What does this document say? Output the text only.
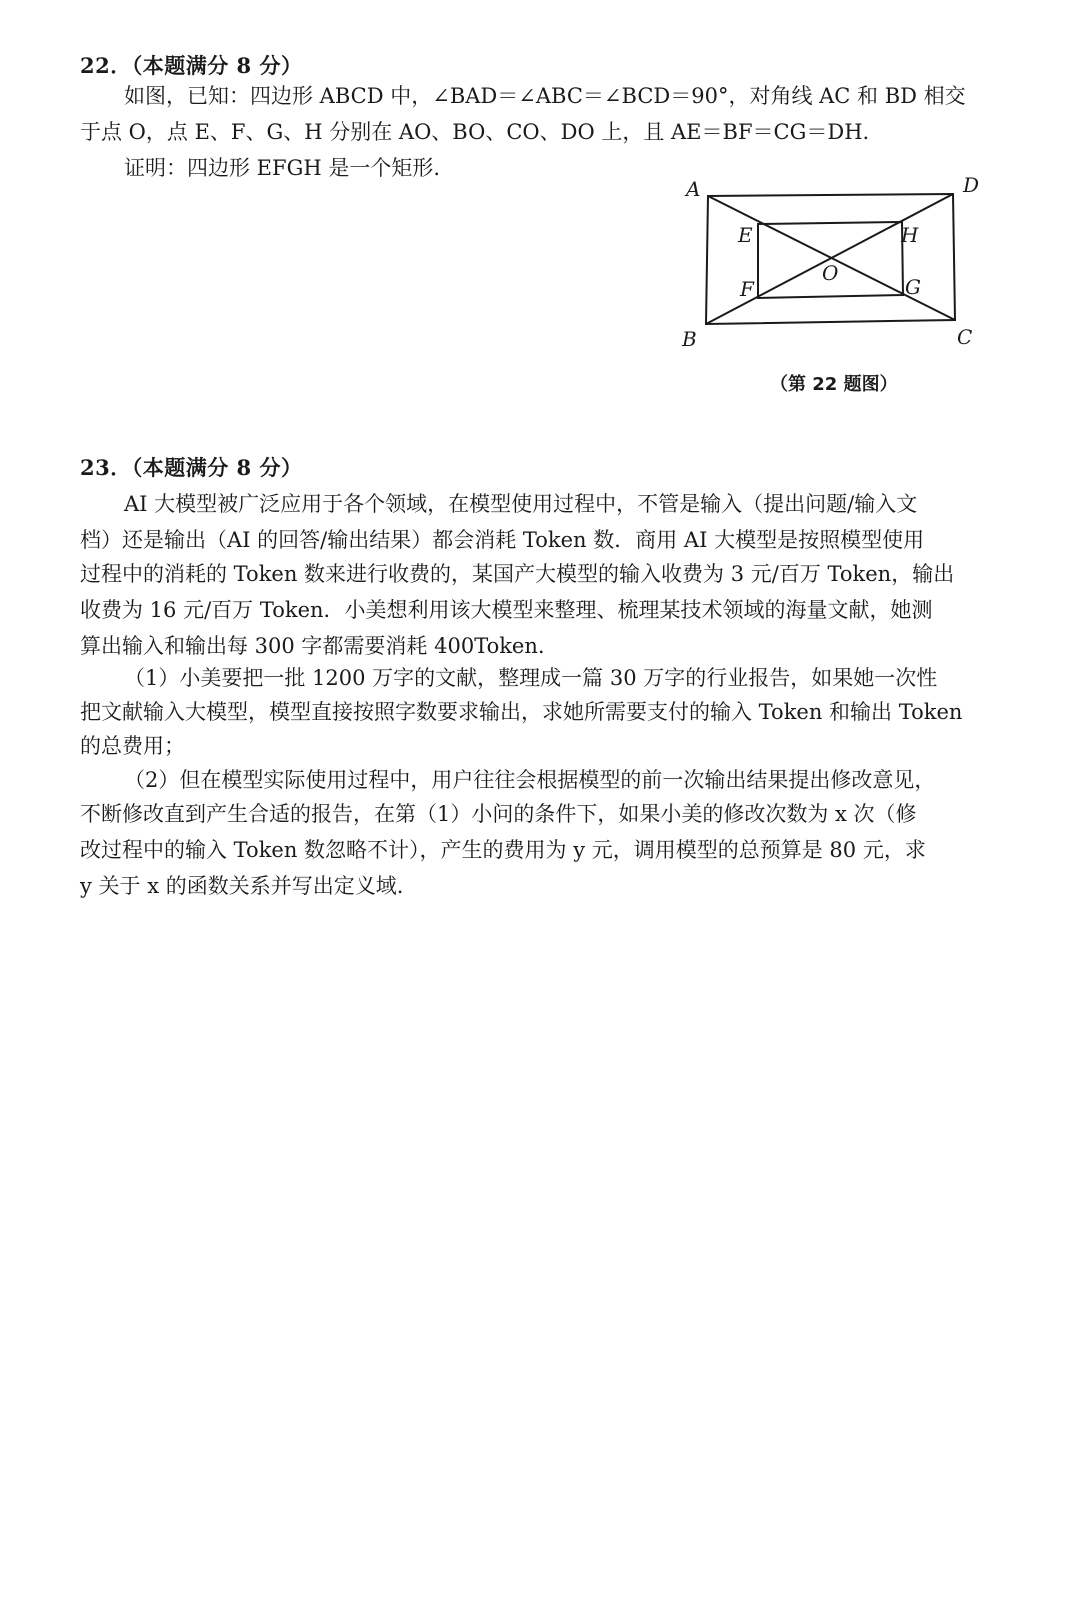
22．（本题满分 8 分）
如图，已知：四边形 ABCD 中，∠BAD＝∠ABC＝∠BCD＝90°，对角线 AC 和 BD 相交
于点 O，点 E、F、G、H 分别在 AO、BO、CO、DO 上，且 AE＝BF＝CG＝DH.
证明：四边形 EFGH 是一个矩形.
A	D
B	C
E	H
F	G
O
（第 22 题图）
23．（本题满分 8 分）
AI 大模型被广泛应用于各个领域，在模型使用过程中，不管是输入（提出问题/输入文
档）还是输出（AI 的回答/输出结果）都会消耗 Token 数．商用 AI 大模型是按照模型使用
过程中的消耗的 Token 数来进行收费的，某国产大模型的输入收费为 3 元/百万 Token，输出
收费为 16 元/百万 Token．小美想利用该大模型来整理、梳理某技术领域的海量文献，她测
算出输入和输出每 300 字都需要消耗 400Token.
（1）小美要把一批 1200 万字的文献，整理成一篇 30 万字的行业报告，如果她一次性
把文献输入大模型，模型直接按照字数要求输出，求她所需要支付的输入 Token 和输出 Token
的总费用；
（2）但在模型实际使用过程中，用户往往会根据模型的前一次输出结果提出修改意见，
不断修改直到产生合适的报告，在第（1）小问的条件下，如果小美的修改次数为 x 次（修
改过程中的输入 Token 数忽略不计），产生的费用为 y 元，调用模型的总预算是 80 元，求
y 关于 x 的函数关系并写出定义域.
